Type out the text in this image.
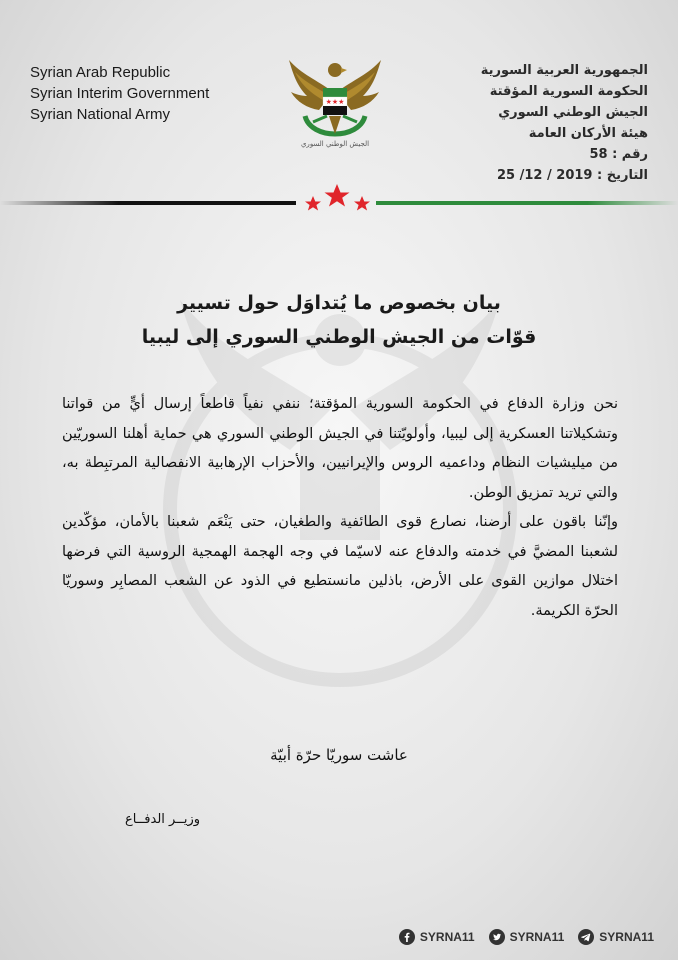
Syrian Arab Republic
Syrian Interim Government
Syrian National Army
★★★
الجيش الوطني السوري
الجمهورية العربية السورية
الحكومة السورية المؤقتة
الجيش الوطني السوري
هيئة الأركان العامة
رقم : 58
التاريخ : 2019 / 12/ 25
بيان بخصوص ما يُتداوَل حول تسيير
قوّات من الجيش الوطني السوري إلى ليبيا

نحن وزارة الدفاع في الحكومة السورية المؤقتة؛ ننفي نفياً قاطعاً إرسال أيٍّ من قواتنا وتشكيلاتنا العسكرية إلى ليبيا، وأولويّتنا في الجيش الوطني السوري هي حماية أهلنا السوريّين من ميليشيات النظام وداعميه الروس والإيرانيين، والأحزاب الإرهابية الانفصالية المرتبِطة به، والتي تريد تمزيق الوطن.

وإنّنا باقون على أرضنا، نصارع قوى الطائفية والطغيان، حتى يَنْعَم شعبنا بالأمان، مؤكّدين لشعبنا المضيَّ في خدمته والدفاع عنه لاسيّما في وجه الهجمة الهمجية الروسية التي فرضها اختلال موازين القوى على الأرض، باذلين مانستطيع في الذود عن الشعب المصابِر وسوريّا الحرّة الكريمة.

عاشت سوريّا حرّة أبيّة
وزيــر الدفــاع
SYRNA11	SYRNA11	SYRNA11
